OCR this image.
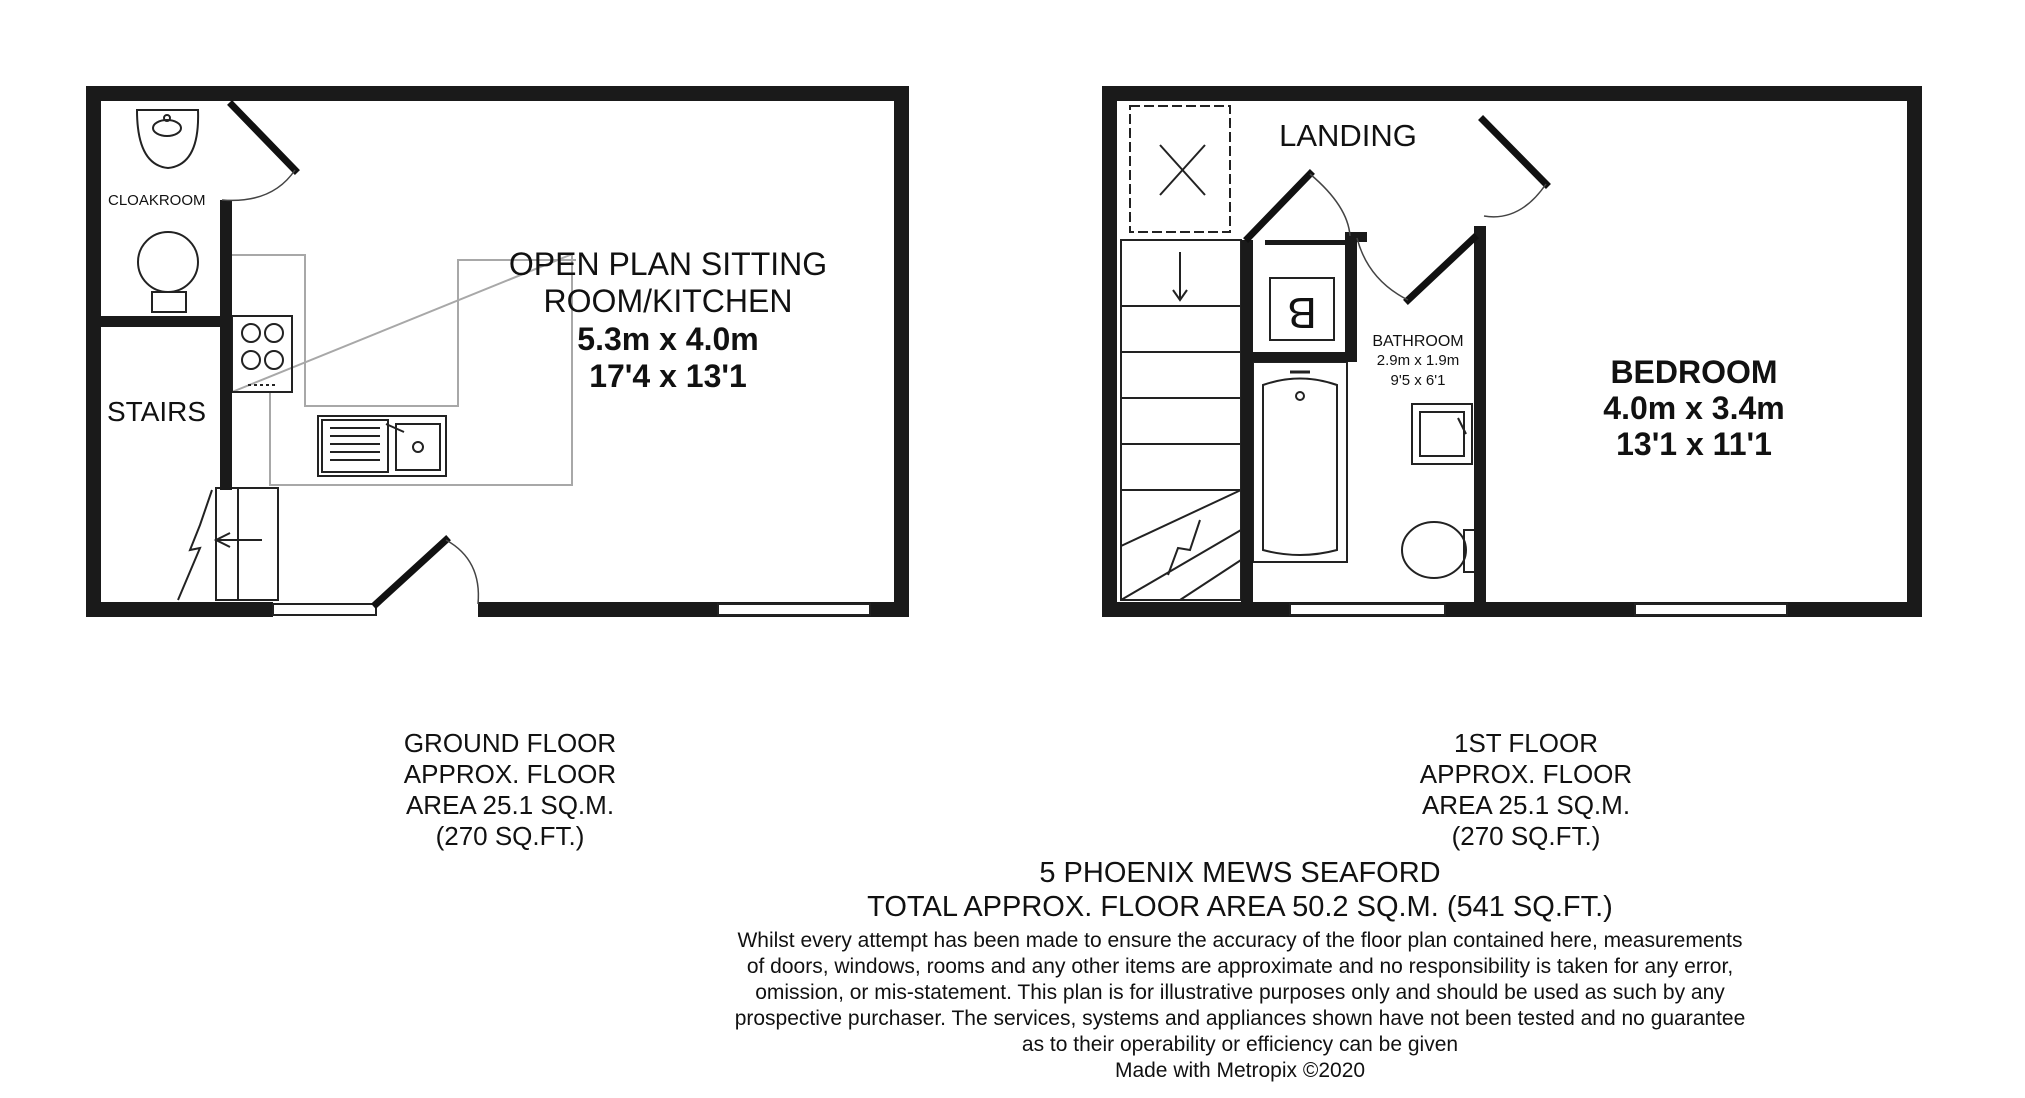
CLOAKROOM
STAIRS
OPEN PLAN SITTING
ROOM/KITCHEN
5.3m x 4.0m
17'4 x 13'1
B
LANDING
BATHROOM
2.9m x 1.9m
9'5 x 6'1	BEDROOM
4.0m x 3.4m
13'1 x 11'1
GROUND FLOOR
APPROX. FLOOR
AREA 25.1 SQ.M.
(270 SQ.FT.)
1ST FLOOR
APPROX. FLOOR
AREA 25.1 SQ.M.
(270 SQ.FT.)
5 PHOENIX MEWS SEAFORD
TOTAL APPROX. FLOOR AREA 50.2 SQ.M. (541 SQ.FT.)
Whilst every attempt has been made to ensure the accuracy of the floor plan contained here, measurements
of doors, windows, rooms and any other items are approximate and no responsibility is taken for any error,
omission, or mis-statement. This plan is for illustrative purposes only and should be used as such by any
prospective purchaser. The services, systems and appliances shown have not been tested and no guarantee
as to their operability or efficiency can be given
Made with Metropix ©2020
